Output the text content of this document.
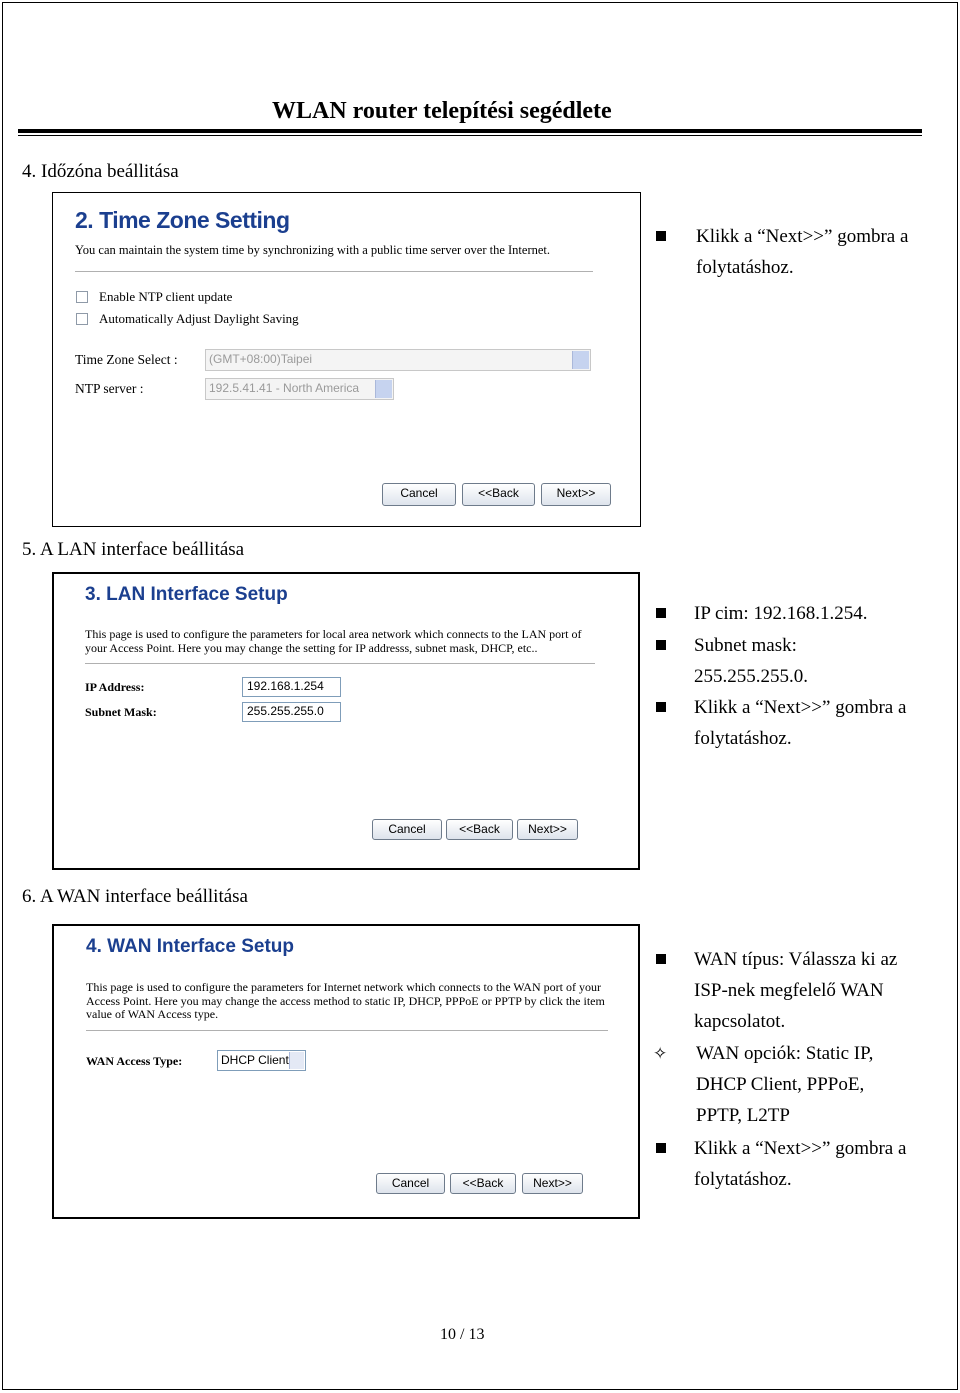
WLAN router telepítési segédlete
4. Időzóna beállitása
2. Time Zone Setting
You can maintain the system time by synchronizing with a public time server over the Internet.
Enable NTP client update
Automatically Adjust Daylight Saving
Time Zone Select :	(GMT+08:00)Taipei
NTP server :	192.5.41.41 - North America
Cancel	<<Back	Next>>
Klikk a “Next>>” gombra a folytatáshoz.
5. A LAN interface beállitása
3. LAN Interface Setup
This page is used to configure the parameters for local area network which connects to the LAN port of your Access Point. Here you may change the setting for IP addresss, subnet mask, DHCP, etc..
IP Address:	192.168.1.254
Subnet Mask:	255.255.255.0
Cancel	<<Back	Next>>
IP cim: 192.168.1.254.
Subnet mask: 255.255.255.0.
Klikk a “Next>>” gombra a folytatáshoz.
6. A WAN interface beállitása
4. WAN Interface Setup
This page is used to configure the parameters for Internet network which connects to the WAN port of your Access Point. Here you may change the access method to static IP, DHCP, PPPoE or PPTP by click the item value of WAN Access type.
WAN Access Type:	DHCP Client
Cancel	<<Back	Next>>
WAN típus: Válassza ki az ISP-nek megfelelő WAN kapcsolatot.
✧ WAN opciók: Static IP, DHCP Client, PPPoE, PPTP, L2TP
Klikk a “Next>>” gombra a folytatáshoz.
10 / 13
